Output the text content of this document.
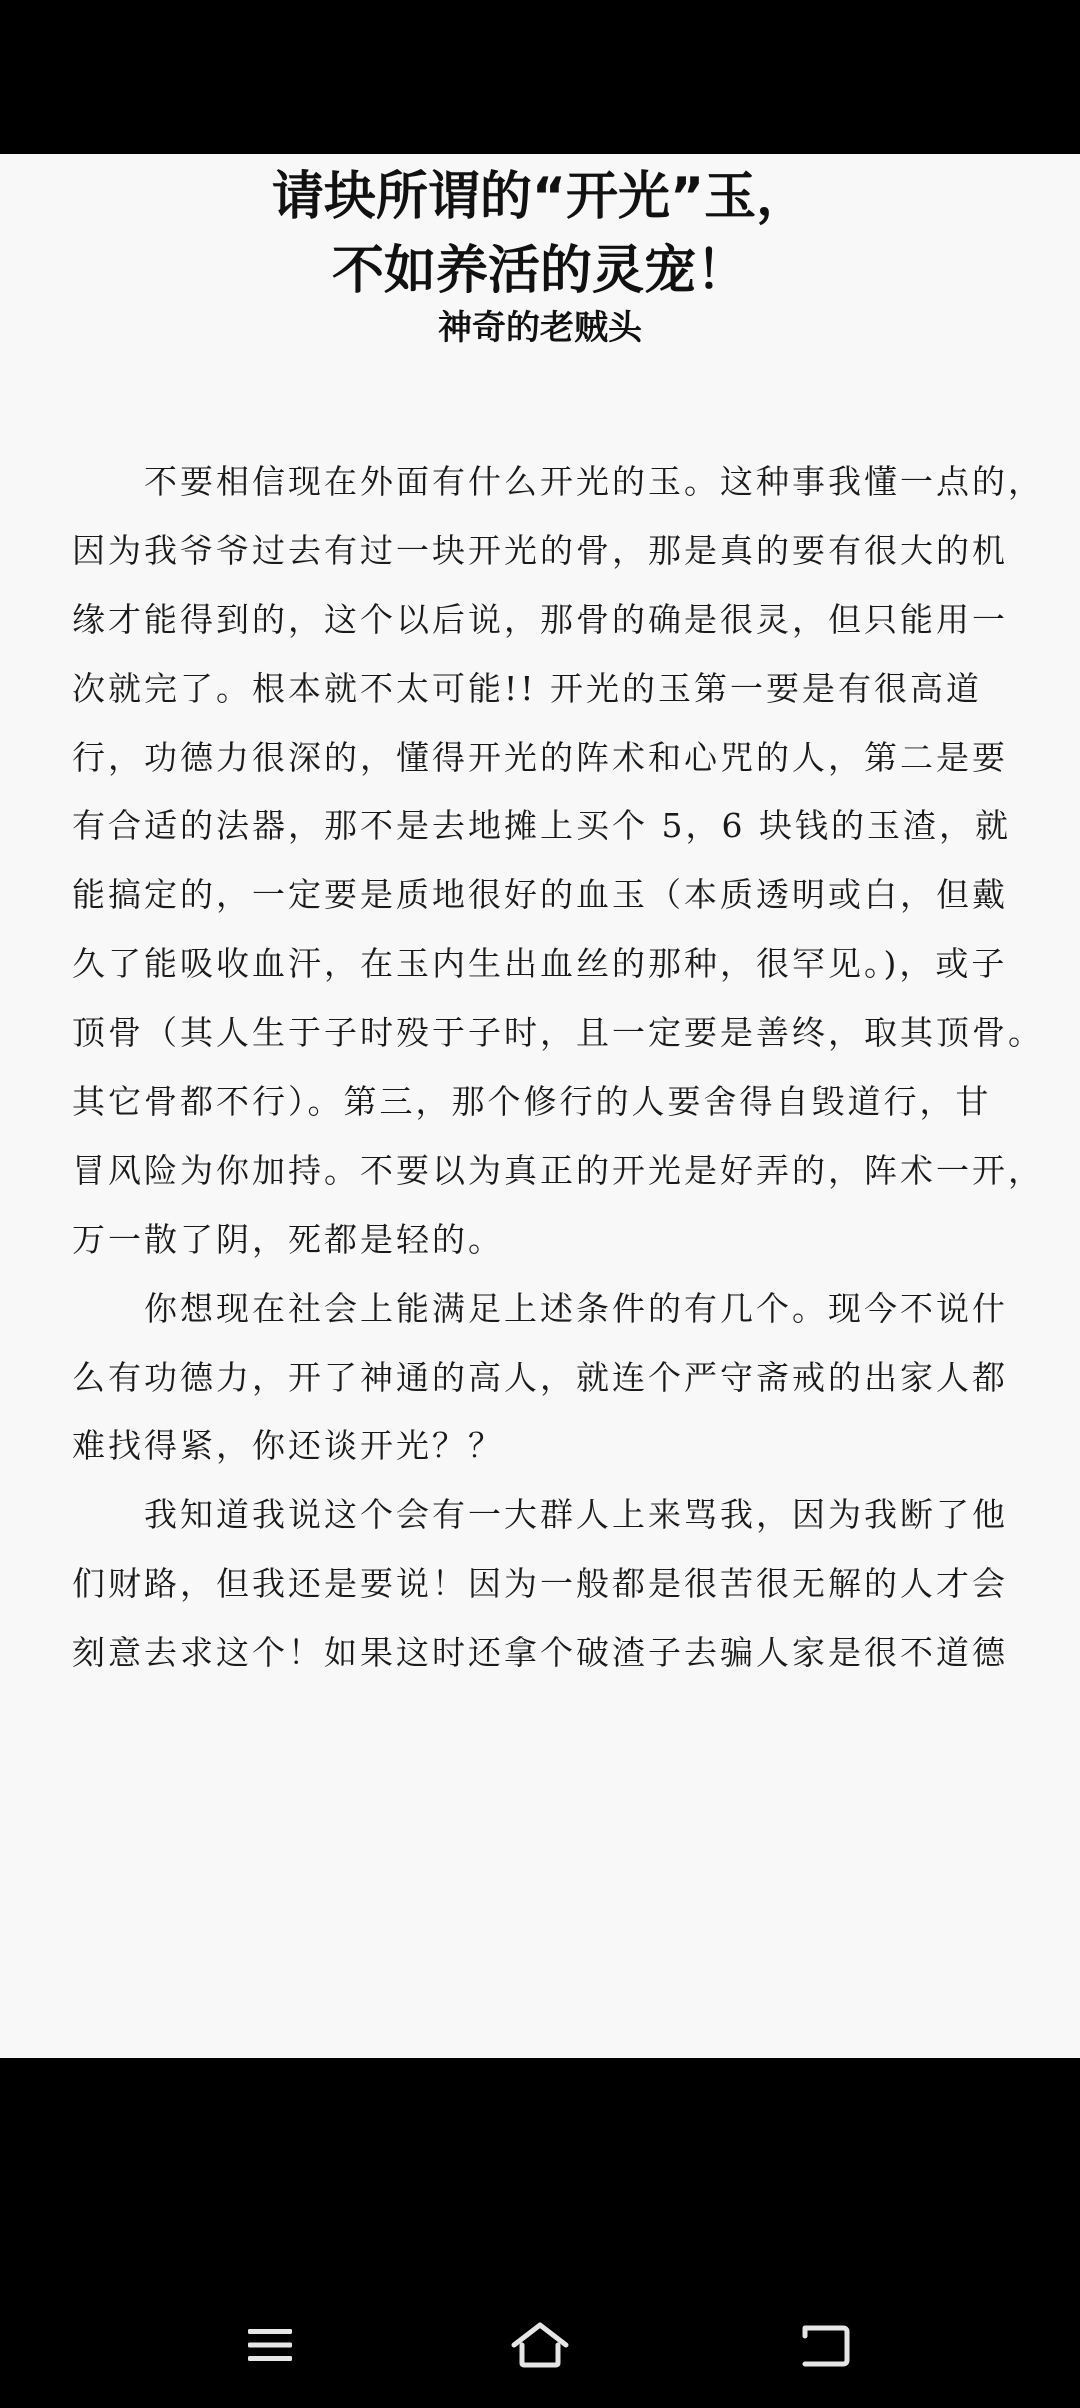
请块所谓的“开光”玉，
不如养活的灵宠！
神奇的老贼头
　　不要相信现在外面有什么开光的玉。这种事我懂一点的，
因为我爷爷过去有过一块开光的骨，那是真的要有很大的机
缘才能得到的，这个以后说，那骨的确是很灵，但只能用一
次就完了。根本就不太可能!! 开光的玉第一要是有很高道
行，功德力很深的，懂得开光的阵术和心咒的人，第二是要
有合适的法器，那不是去地摊上买个 5，6 块钱的玉渣，就
能搞定的，一定要是质地很好的血玉（本质透明或白，但戴
久了能吸收血汗，在玉内生出血丝的那种，很罕见。)，或子
顶骨（其人生于子时殁于子时，且一定要是善终，取其顶骨。
其它骨都不行）。第三，那个修行的人要舍得自毁道行，甘
冒风险为你加持。不要以为真正的开光是好弄的，阵术一开，
万一散了阴，死都是轻的。
　　你想现在社会上能满足上述条件的有几个。现今不说什
么有功德力，开了神通的高人，就连个严守斋戒的出家人都
难找得紧，你还谈开光？？
　　我知道我说这个会有一大群人上来骂我，因为我断了他
们财路，但我还是要说！因为一般都是很苦很无解的人才会
刻意去求这个！如果这时还拿个破渣子去骗人家是很不道德
